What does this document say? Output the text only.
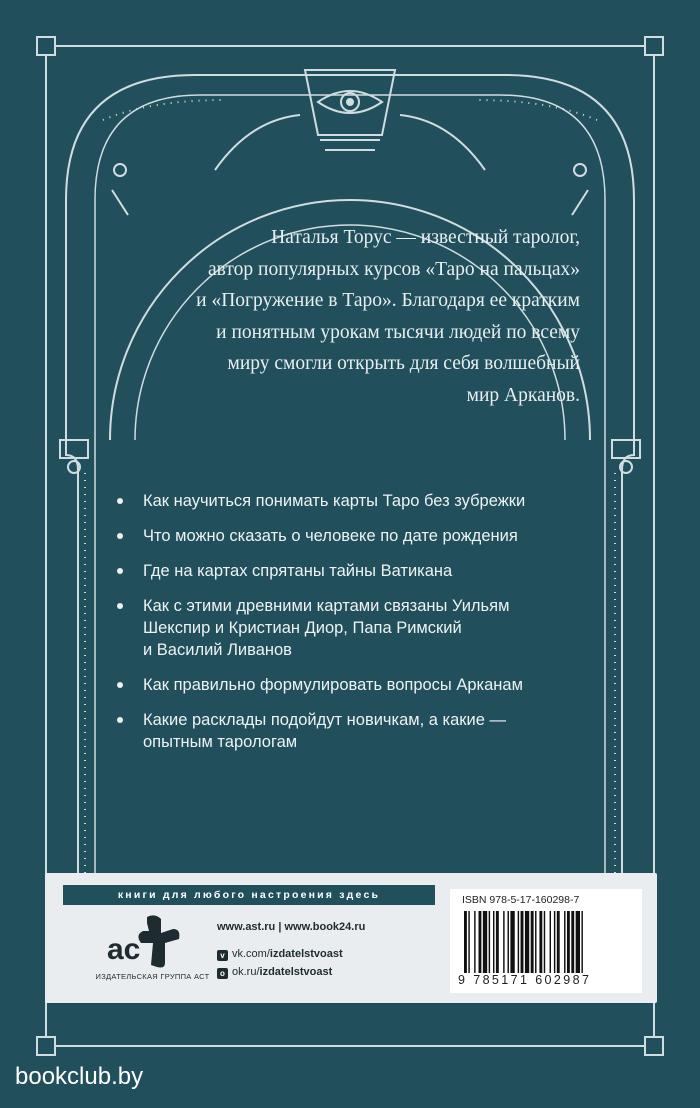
Наталья Торус — известный таролог,
автор популярных курсов «Таро на пальцах»
и «Погружение в Таро». Благодаря ее кратким
и понятным урокам тысячи людей по всему
миру смогли открыть для себя волшебный
мир Арканов.
Как научиться понимать карты Таро без зубрежки
Что можно сказать о человеке по дате рождения
Где на картах спрятаны тайны Ватикана
Как с этими древними картами связаны Уильям
Шекспир и Кристиан Диор, Папа Римский
и Василий Ливанов
Как правильно формулировать вопросы Арканам
Какие расклады подойдут новичкам, а какие —
опытным тарологам
книги для любого настроения здесь
ас
ИЗДАТЕЛЬСКАЯ ГРУППА АСТ
www.ast.ru | www.book24.ru
v vk.com/izdatelstvoast
o ok.ru/izdatelstvoast
ISBN 978-5-17-160298-7
9 785171 602987
bookclub.by
